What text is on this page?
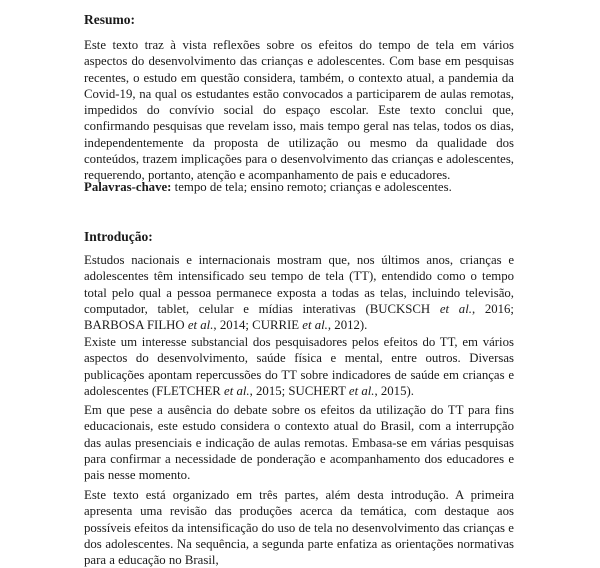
Resumo:

Este texto traz à vista reflexões sobre os efeitos do tempo de tela em vários aspectos do desenvolvimento das crianças e adolescentes. Com base em pesquisas recentes, o estudo em questão considera, também, o contexto atual, a pandemia da Covid-19, na qual os estudantes estão convocados a participarem de aulas remotas, impedidos do convívio social do espaço escolar. Este texto conclui que, confirmando pesquisas que revelam isso, mais tempo geral nas telas, todos os dias, independentemente da proposta de utilização ou mesmo da qualidade dos conteúdos, trazem implicações para o desenvolvimento das crianças e adolescentes, requerendo, portanto, atenção e acompanhamento de pais e educadores.

Palavras-chave: tempo de tela; ensino remoto; crianças e adolescentes.

Introdução:

Estudos nacionais e internacionais mostram que, nos últimos anos, crianças e adolescentes têm intensificado seu tempo de tela (TT), entendido como o tempo total pelo qual a pessoa permanece exposta a todas as telas, incluindo televisão, computador, tablet, celular e mídias interativas (BUCKSCH et al., 2016; BARBOSA FILHO et al., 2014; CURRIE et al., 2012).

Existe um interesse substancial dos pesquisadores pelos efeitos do TT, em vários aspectos do desenvolvimento, saúde física e mental, entre outros. Diversas publicações apontam repercussões do TT sobre indicadores de saúde em crianças e adolescentes (FLETCHER et al., 2015; SUCHERT et al., 2015).

Em que pese a ausência do debate sobre os efeitos da utilização do TT para fins educacionais, este estudo considera o contexto atual do Brasil, com a interrupção das aulas presenciais e indicação de aulas remotas. Embasa-se em várias pesquisas para confirmar a necessidade de ponderação e acompanhamento dos educadores e pais nesse momento.

Este texto está organizado em três partes, além desta introdução. A primeira apresenta uma revisão das produções acerca da temática, com destaque aos possíveis efeitos da intensificação do uso de tela no desenvolvimento das crianças e dos adolescentes. Na sequência, a segunda parte enfatiza as orientações normativas para a educação no Brasil,
